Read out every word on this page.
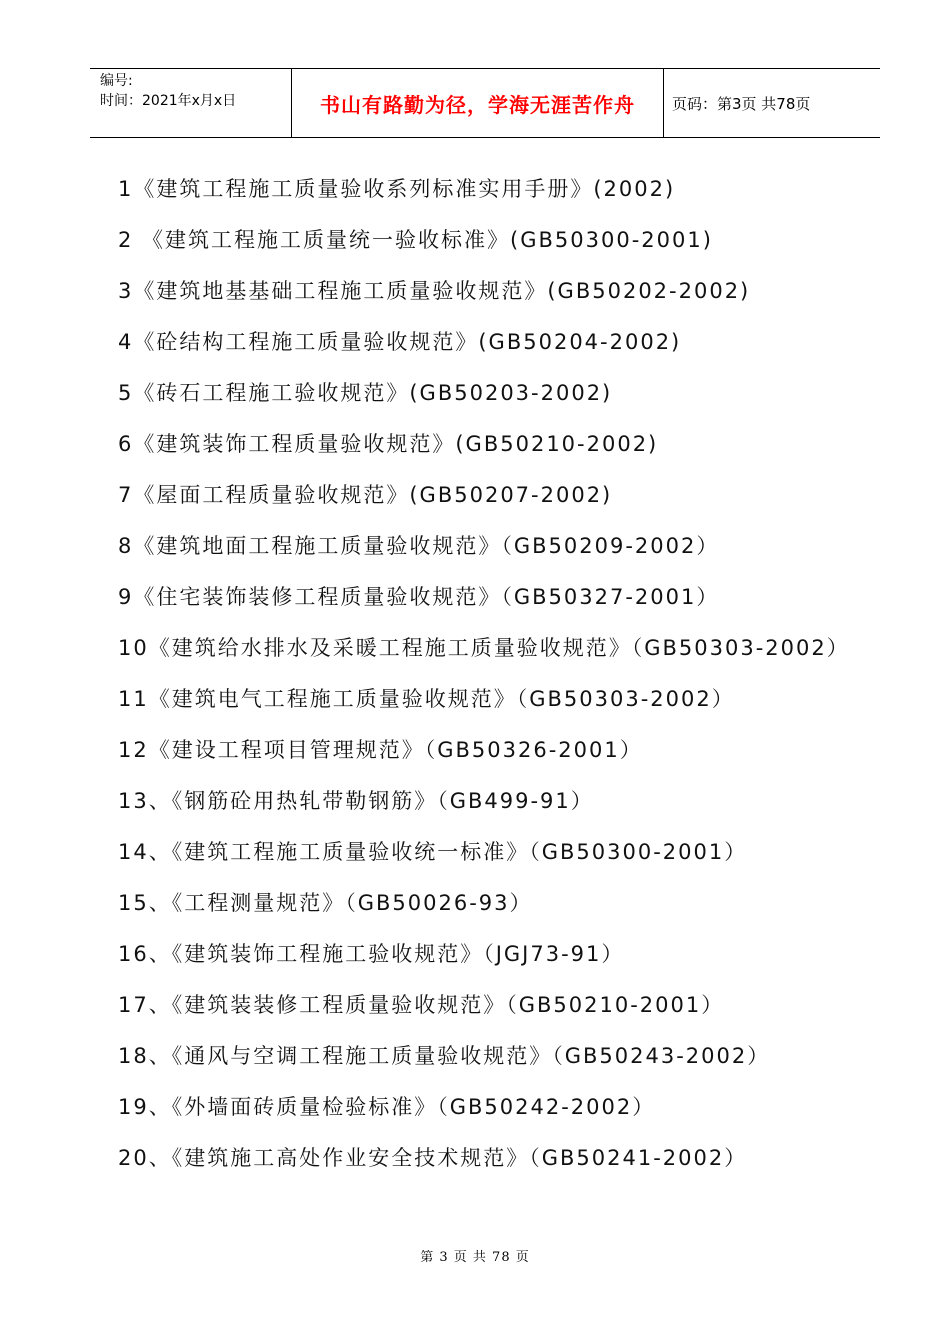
编号:
时间：2021年x月x日	书山有路勤为径，学海无涯苦作舟 页码：第3页 共78页
1《建筑工程施工质量验收系列标准实用手册》(2002)
2 《建筑工程施工质量统一验收标准》(GB50300-2001)
3《建筑地基基础工程施工质量验收规范》(GB50202-2002)
4《砼结构工程施工质量验收规范》(GB50204-2002)
5《砖石工程施工验收规范》(GB50203-2002)
6《建筑装饰工程质量验收规范》(GB50210-2002)
7《屋面工程质量验收规范》(GB50207-2002)
8《建筑地面工程施工质量验收规范》（GB50209-2002）
9《住宅装饰装修工程质量验收规范》（GB50327-2001）
10《建筑给水排水及采暖工程施工质量验收规范》（GB50303-2002）
11《建筑电气工程施工质量验收规范》（GB50303-2002）
12《建设工程项目管理规范》（GB50326-2001）
13、《钢筋砼用热轧带勒钢筋》（GB499-91）
14、《建筑工程施工质量验收统一标准》（GB50300-2001）
15、《工程测量规范》（GB50026-93）
16、《建筑装饰工程施工验收规范》（JGJ73-91）
17、《建筑装装修工程质量验收规范》（GB50210-2001）
18、《通风与空调工程施工质量验收规范》（GB50243-2002）
19、《外墙面砖质量检验标准》（GB50242-2002）
20、《建筑施工高处作业安全技术规范》（GB50241-2002）
第 3 页 共 78 页
